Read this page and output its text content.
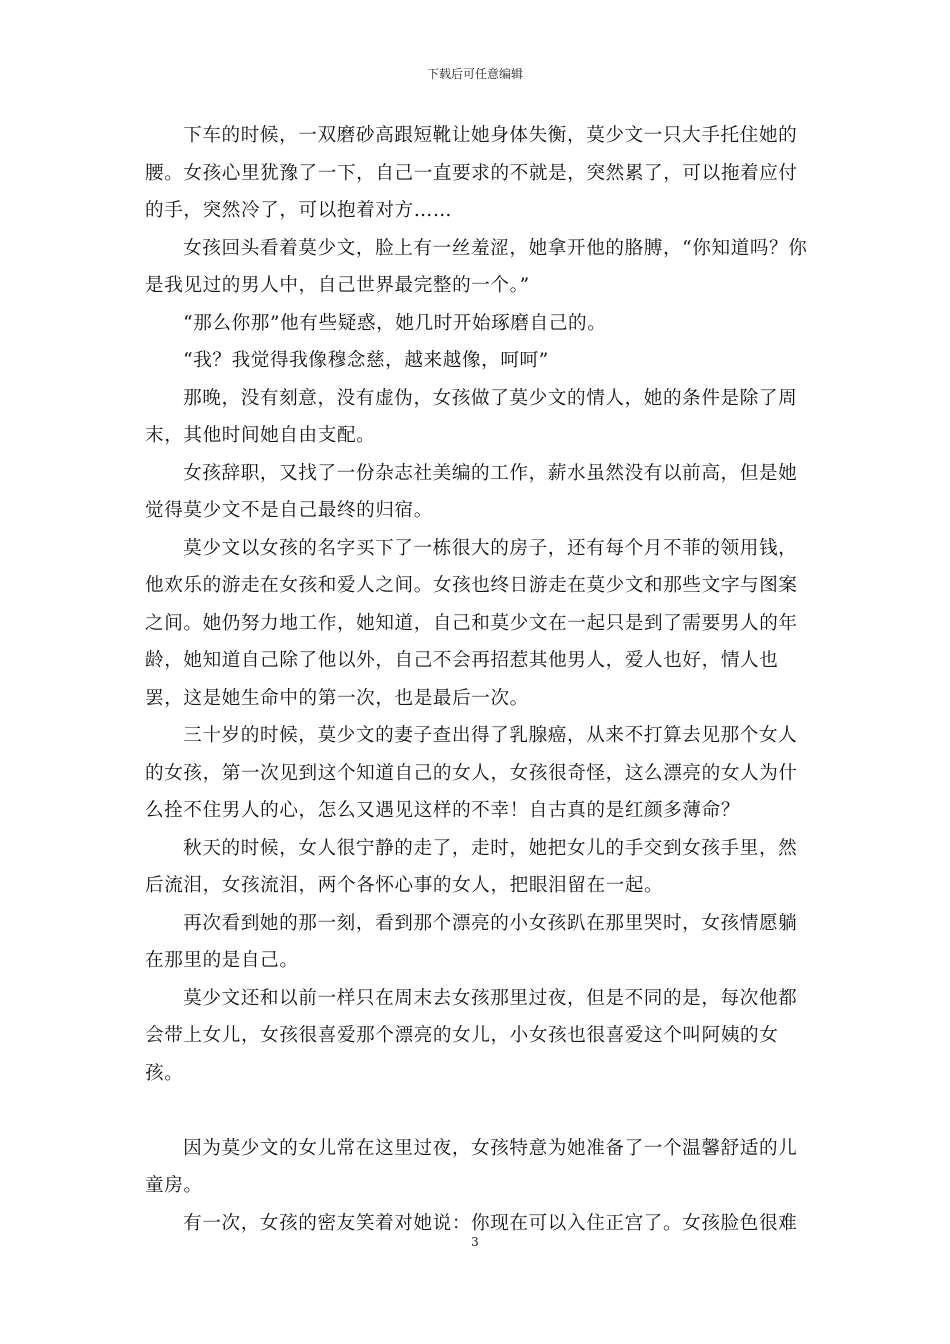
下载后可任意编辑

下车的时候，一双磨砂高跟短靴让她身体失衡，莫少文一只大手托住她的腰。女孩心里犹豫了一下，自己一直要求的不就是，突然累了，可以拖着应付的手，突然冷了，可以抱着对方……

女孩回头看着莫少文，脸上有一丝羞涩，她拿开他的胳膊，“你知道吗？你是我见过的男人中，自己世界最完整的一个。”

“那么你那”他有些疑惑，她几时开始琢磨自己的。

“我？我觉得我像穆念慈，越来越像，呵呵”

那晚，没有刻意，没有虚伪，女孩做了莫少文的情人，她的条件是除了周末，其他时间她自由支配。

女孩辞职，又找了一份杂志社美编的工作，薪水虽然没有以前高，但是她觉得莫少文不是自己最终的归宿。

莫少文以女孩的名字买下了一栋很大的房子，还有每个月不菲的领用钱，他欢乐的游走在女孩和爱人之间。女孩也终日游走在莫少文和那些文字与图案之间。她仍努力地工作，她知道，自己和莫少文在一起只是到了需要男人的年龄，她知道自己除了他以外，自己不会再招惹其他男人，爱人也好，情人也罢，这是她生命中的第一次，也是最后一次。

三十岁的时候，莫少文的妻子查出得了乳腺癌，从来不打算去见那个女人的女孩，第一次见到这个知道自己的女人，女孩很奇怪，这么漂亮的女人为什么拴不住男人的心，怎么又遇见这样的不幸！自古真的是红颜多薄命？

秋天的时候，女人很宁静的走了，走时，她把女儿的手交到女孩手里，然后流泪，女孩流泪，两个各怀心事的女人，把眼泪留在一起。

再次看到她的那一刻，看到那个漂亮的小女孩趴在那里哭时，女孩情愿躺在那里的是自己。

莫少文还和以前一样只在周末去女孩那里过夜，但是不同的是，每次他都会带上女儿，女孩很喜爱那个漂亮的女儿，小女孩也很喜爱这个叫阿姨的女孩。

因为莫少文的女儿常在这里过夜，女孩特意为她准备了一个温馨舒适的儿童房。

有一次，女孩的密友笑着对她说：你现在可以入住正宫了。女孩脸色很难

3
